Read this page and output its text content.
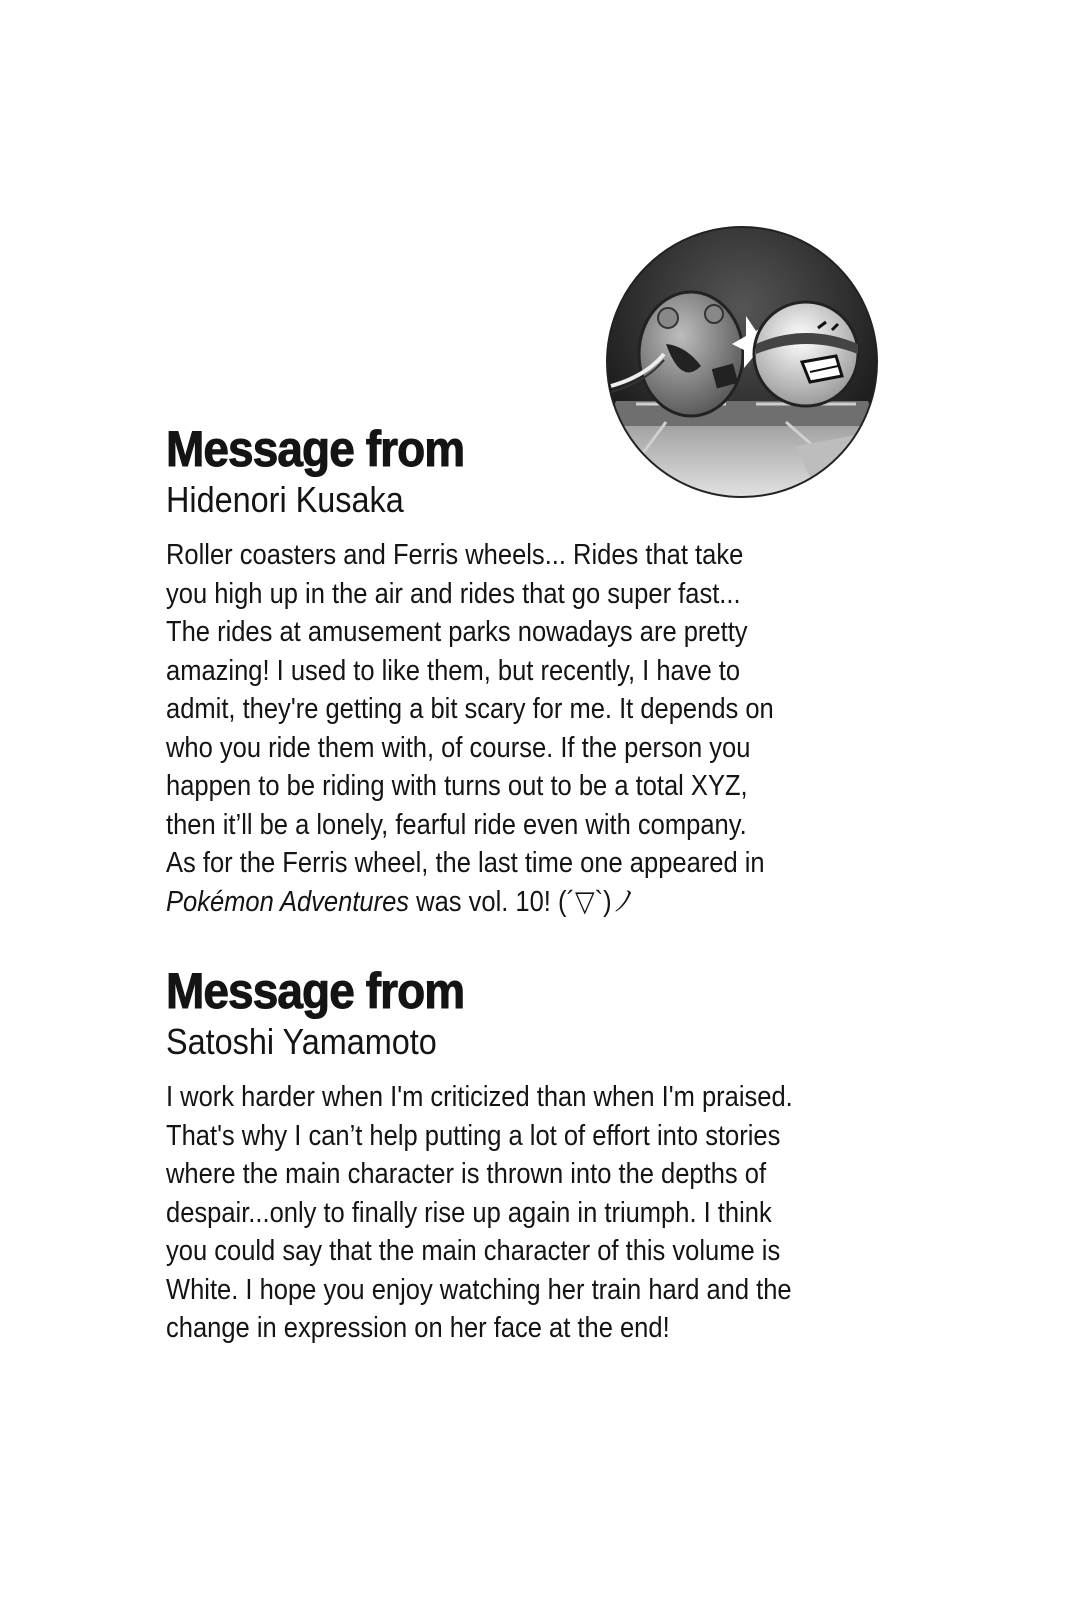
Message from
Hidenori Kusaka
Roller coasters and Ferris wheels... Rides that take
you high up in the air and rides that go super fast...
The rides at amusement parks nowadays are pretty
amazing! I used to like them, but recently, I have to
admit, they're getting a bit scary for me. It depends on
who you ride them with, of course. If the person you
happen to be riding with turns out to be a total XYZ,
then it’ll be a lonely, fearful ride even with company.
As for the Ferris wheel, the last time one appeared in
Pokémon Adventures was vol. 10! (´▽`)ノ
Message from
Satoshi Yamamoto
I work harder when I'm criticized than when I'm praised.
That's why I can’t help putting a lot of effort into stories
where the main character is thrown into the depths of
despair...only to finally rise up again in triumph. I think
you could say that the main character of this volume is
White. I hope you enjoy watching her train hard and the
change in expression on her face at the end!
